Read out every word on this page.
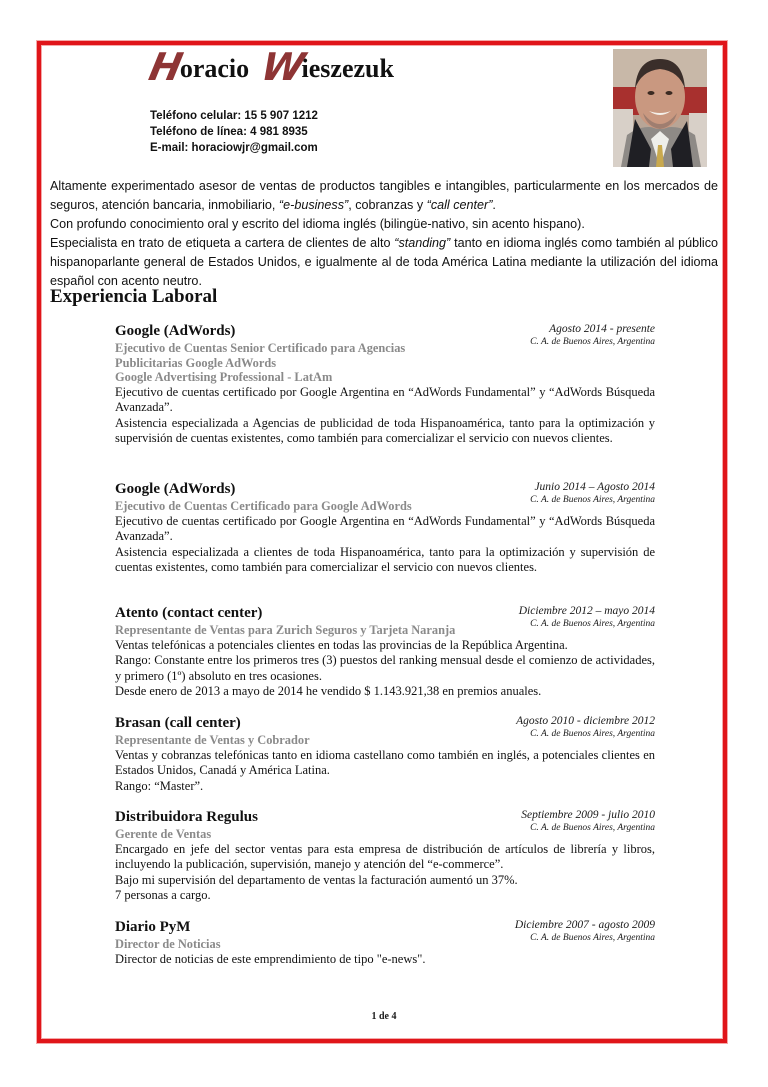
Horacio Wieszezuk
Teléfono celular: 15 5 907 1212
Teléfono de línea: 4 981 8935
E-mail: horaciowjr@gmail.com

Altamente experimentado asesor de ventas de productos tangibles e intangibles, particularmente en los mercados de seguros, atención bancaria, inmobiliario, “e-business”, cobranzas y “call center”.

Con profundo conocimiento oral y escrito del idioma inglés (bilingüe-nativo, sin acento hispano).

Especialista en trato de etiqueta a cartera de clientes de alto “standing” tanto en idioma inglés como también al público hispanoparlante general de Estados Unidos, e igualmente al de toda América Latina mediante la utilización del idioma español con acento neutro.

Experiencia Laboral
Google (AdWords)	Agosto 2014 - presente
C. A. de Buenos Aires, Argentina
Ejecutivo de Cuentas Senior Certificado para Agencias
Publicitarias Google AdWords
Google Advertising Professional - LatAm

Ejecutivo de cuentas certificado por Google Argentina en “AdWords Fundamental” y “AdWords Búsqueda Avanzada”.

Asistencia especializada a Agencias de publicidad de toda Hispanoamérica, tanto para la optimización y supervisión de cuentas existentes, como también para comercializar el servicio con nuevos clientes.

Google (AdWords)	Junio 2014 – Agosto 2014
C. A. de Buenos Aires, Argentina
Ejecutivo de Cuentas Certificado para Google AdWords

Ejecutivo de cuentas certificado por Google Argentina en “AdWords Fundamental” y “AdWords Búsqueda Avanzada”.

Asistencia especializada a clientes de toda Hispanoamérica, tanto para la optimización y supervisión de cuentas existentes, como también para comercializar el servicio con nuevos clientes.

Atento (contact center)	Diciembre 2012 – mayo 2014
C. A. de Buenos Aires, Argentina
Representante de Ventas para Zurich Seguros y Tarjeta Naranja

Ventas telefónicas a potenciales clientes en todas las provincias de la República Argentina.

Rango: Constante entre los primeros tres (3) puestos del ranking mensual desde el comienzo de actividades, y primero (1º) absoluto en tres ocasiones.

Desde enero de 2013 a mayo de 2014 he vendido $ 1.143.921,38 en premios anuales.

Brasan (call center)	Agosto 2010 - diciembre 2012
C. A. de Buenos Aires, Argentina
Representante de Ventas y Cobrador

Ventas y cobranzas telefónicas tanto en idioma castellano como también en inglés, a potenciales clientes en Estados Unidos, Canadá y América Latina.

Rango: “Master”.

Distribuidora Regulus	Septiembre 2009 - julio 2010
C. A. de Buenos Aires, Argentina
Gerente de Ventas

Encargado en jefe del sector ventas para esta empresa de distribución de artículos de librería y libros, incluyendo la publicación, supervisión, manejo y atención del “e-commerce”.

Bajo mi supervisión del departamento de ventas la facturación aumentó un 37%.

7 personas a cargo.

Diario PyM	Diciembre 2007 - agosto 2009
C. A. de Buenos Aires, Argentina
Director de Noticias

Director de noticias de este emprendimiento de tipo "e-news".

1 de 4
